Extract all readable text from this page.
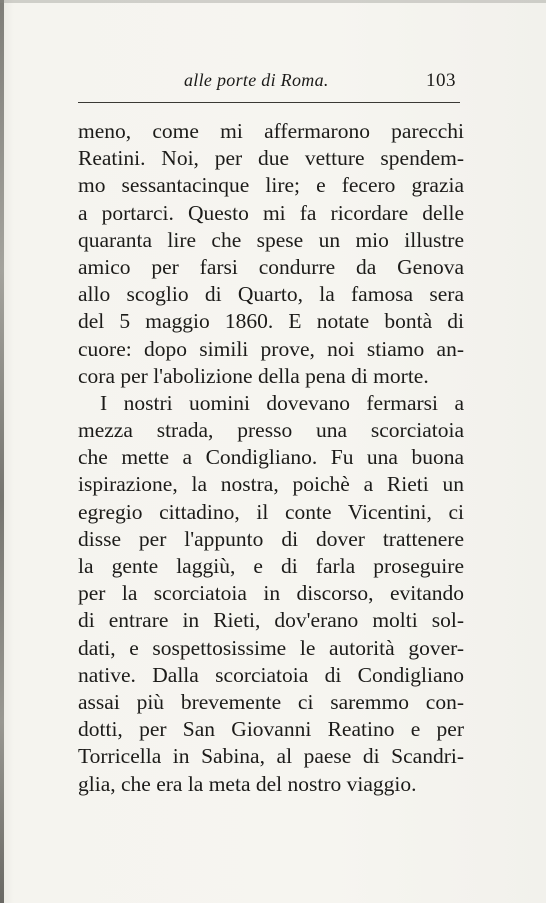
alle porte di Roma.	103
meno, come mi affermarono parecchi
Reatini. Noi, per due vetture spendem-
mo sessantacinque lire; e fecero grazia
a portarci. Questo mi fa ricordare delle
quaranta lire che spese un mio illustre
amico per farsi condurre da Genova
allo scoglio di Quarto, la famosa sera
del 5 maggio 1860. E notate bontà di
cuore: dopo simili prove, noi stiamo an-
cora per l'abolizione della pena di morte.
I nostri uomini dovevano fermarsi a
mezza strada, presso una scorciatoia
che mette a Condigliano. Fu una buona
ispirazione, la nostra, poichè a Rieti un
egregio cittadino, il conte Vicentini, ci
disse per l'appunto di dover trattenere
la gente laggiù, e di farla proseguire
per la scorciatoia in discorso, evitando
di entrare in Rieti, dov'erano molti sol-
dati, e sospettosissime le autorità gover-
native. Dalla scorciatoia di Condigliano
assai più brevemente ci saremmo con-
dotti, per San Giovanni Reatino e per
Torricella in Sabina, al paese di Scandri-
glia, che era la meta del nostro viaggio.
